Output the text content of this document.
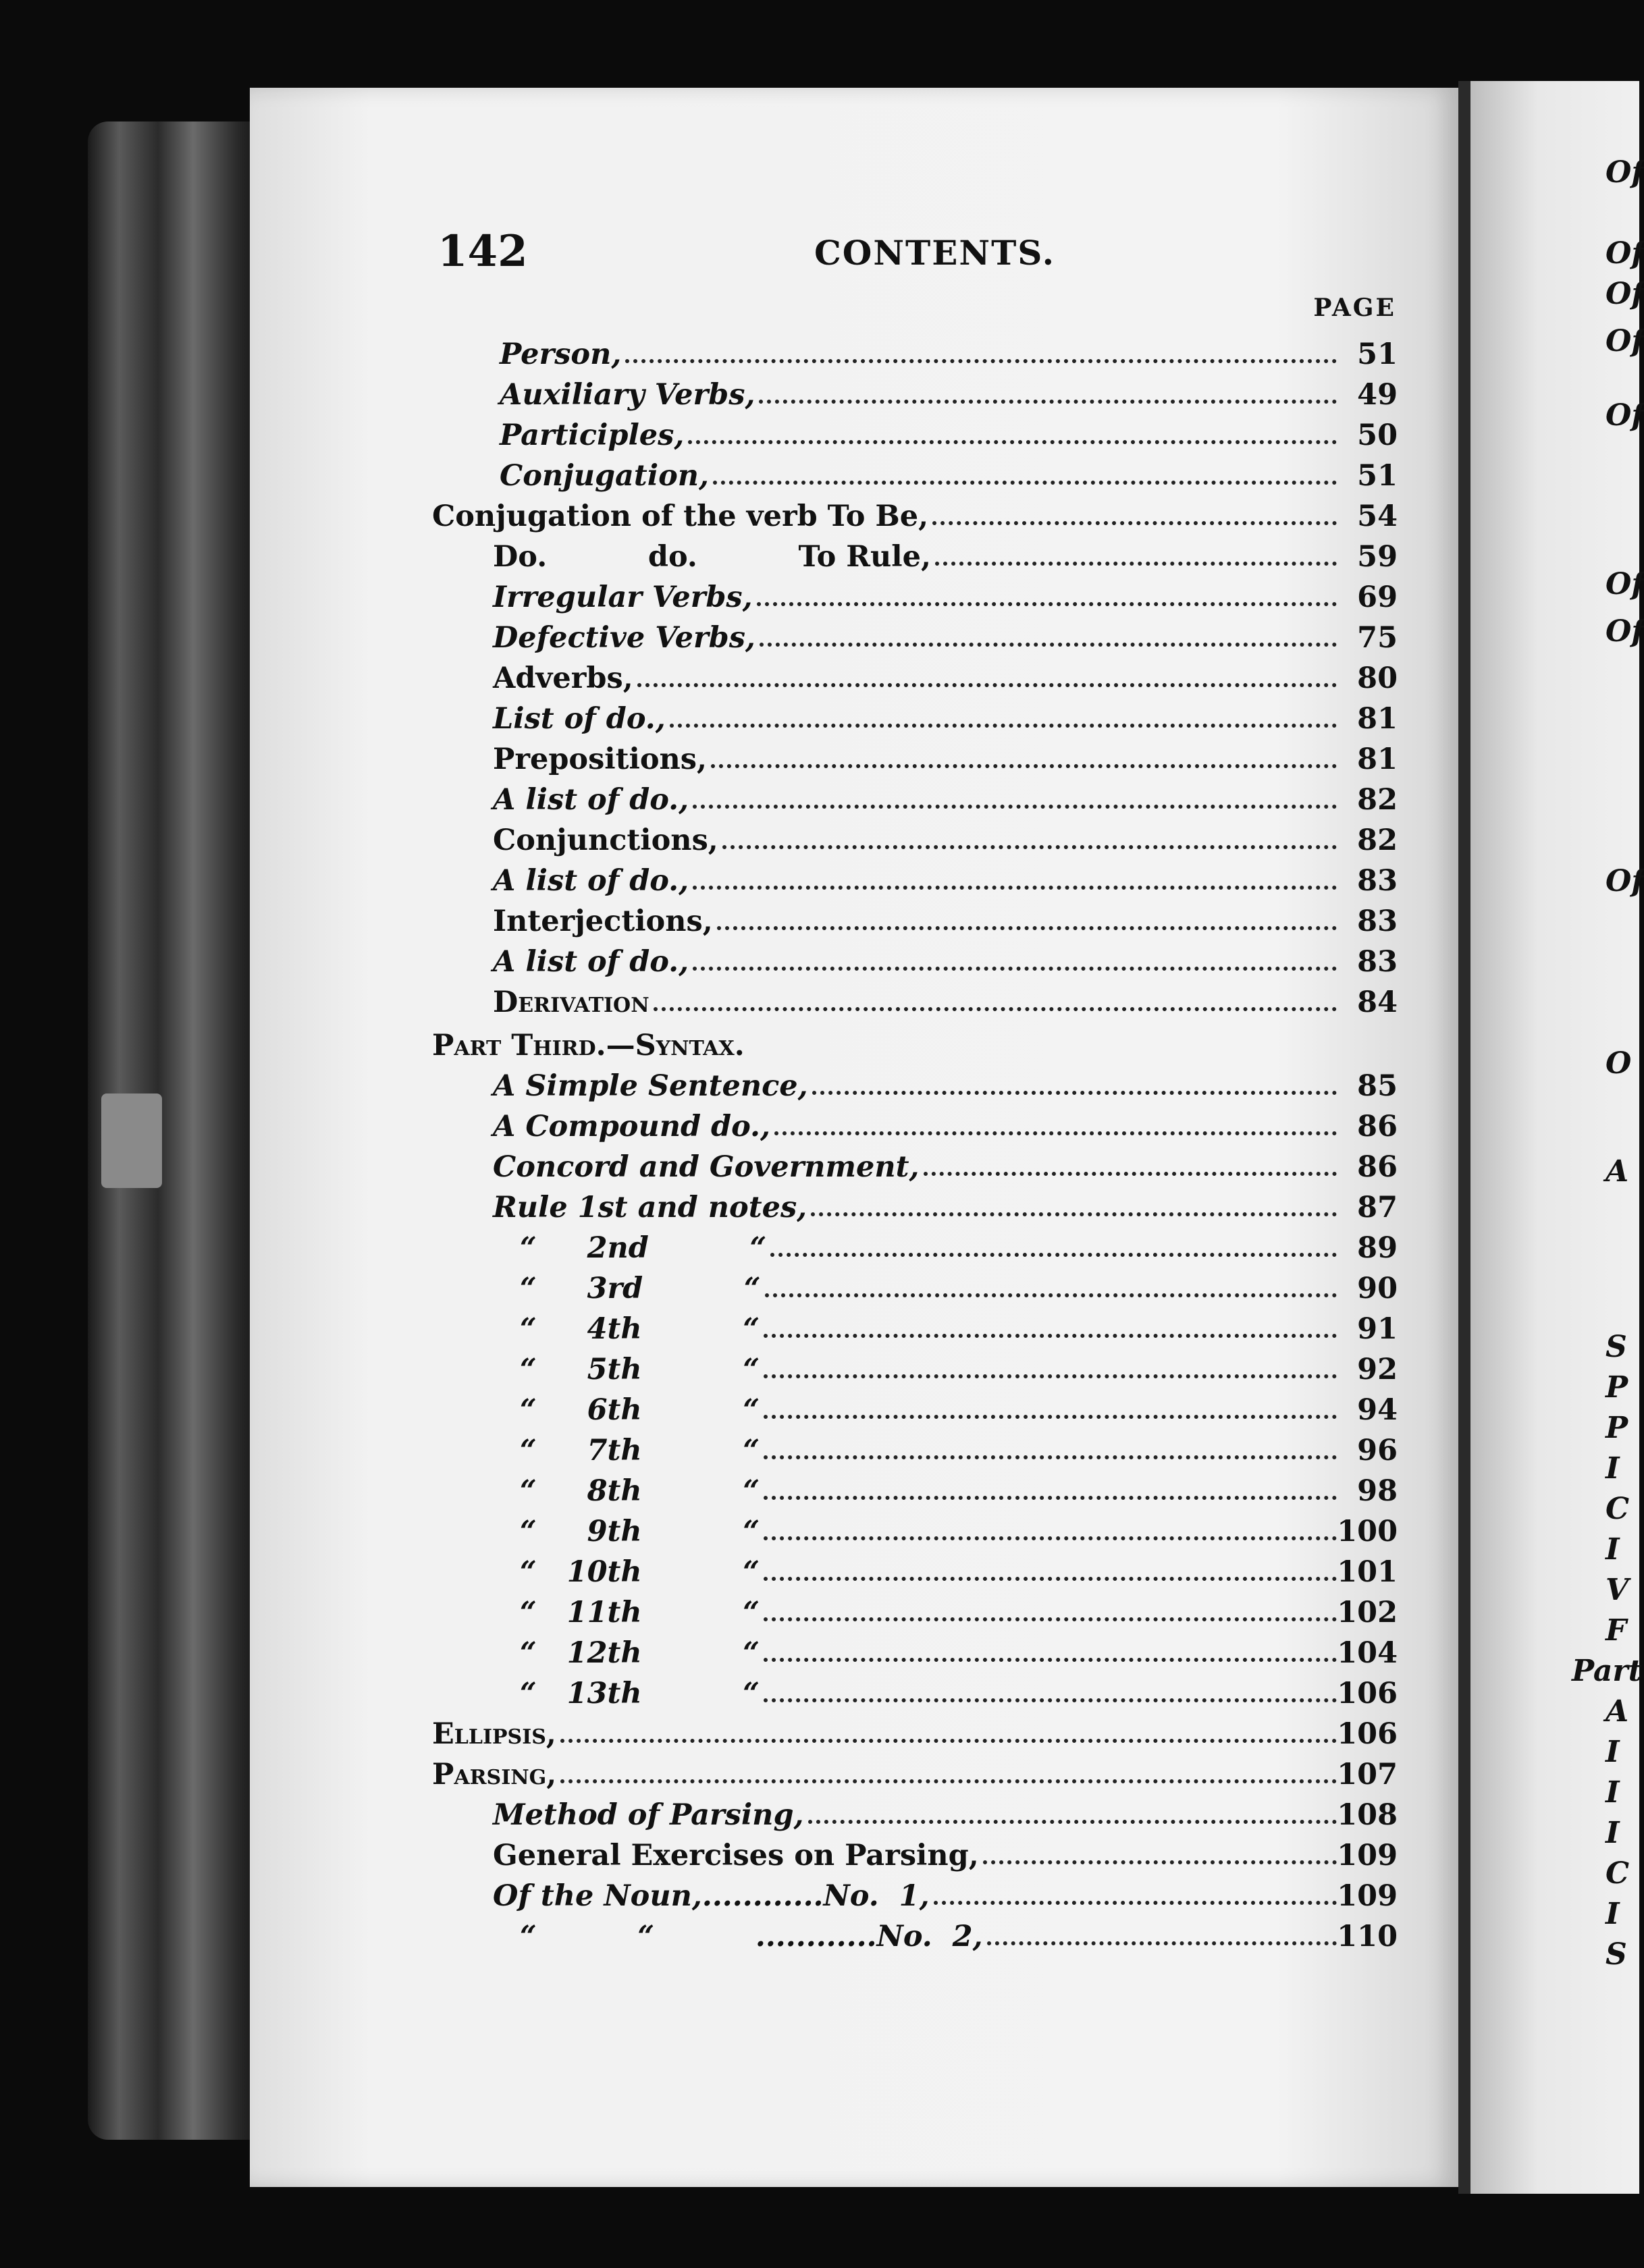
Of
Of
Of
Of
Of
Of
Of
Of
O
A
S
P
P
I
C
I
V
F
Part
A
I
I
I
C
I
S
142	CONTENTS.
PAGE
Person,	51
Auxiliary Verbs,	49
Participles,	50
Conjugation,	51
Conjugation of the verb To Be,	54
Do.          do.          To Rule,	59
Irregular Verbs,	69
Defective Verbs,	75
Adverbs,	80
List of do.,	81
Prepositions,	81
A list of do.,	82
Conjunctions,	82
A list of do.,	83
Interjections,	83
A list of do.,	83
Derivation	84
Part Third.—Syntax.
A Simple Sentence,	85
A Compound do.,	86
Concord and Government,	86
Rule 1st and notes,	87
“     2nd          “	89
“     3rd          “	90
“     4th          “	91
“     5th          “	92
“     6th          “	94
“     7th          “	96
“     8th          “	98
“     9th          “	100
“   10th          “	101
“   11th          “	102
“   12th          “	104
“   13th          “	106
Ellipsis,	106
Parsing,	107
Method of Parsing,	108
General Exercises on Parsing,	109
Of the Noun,............No.  1,	109
“          “          ............No.  2,	110
